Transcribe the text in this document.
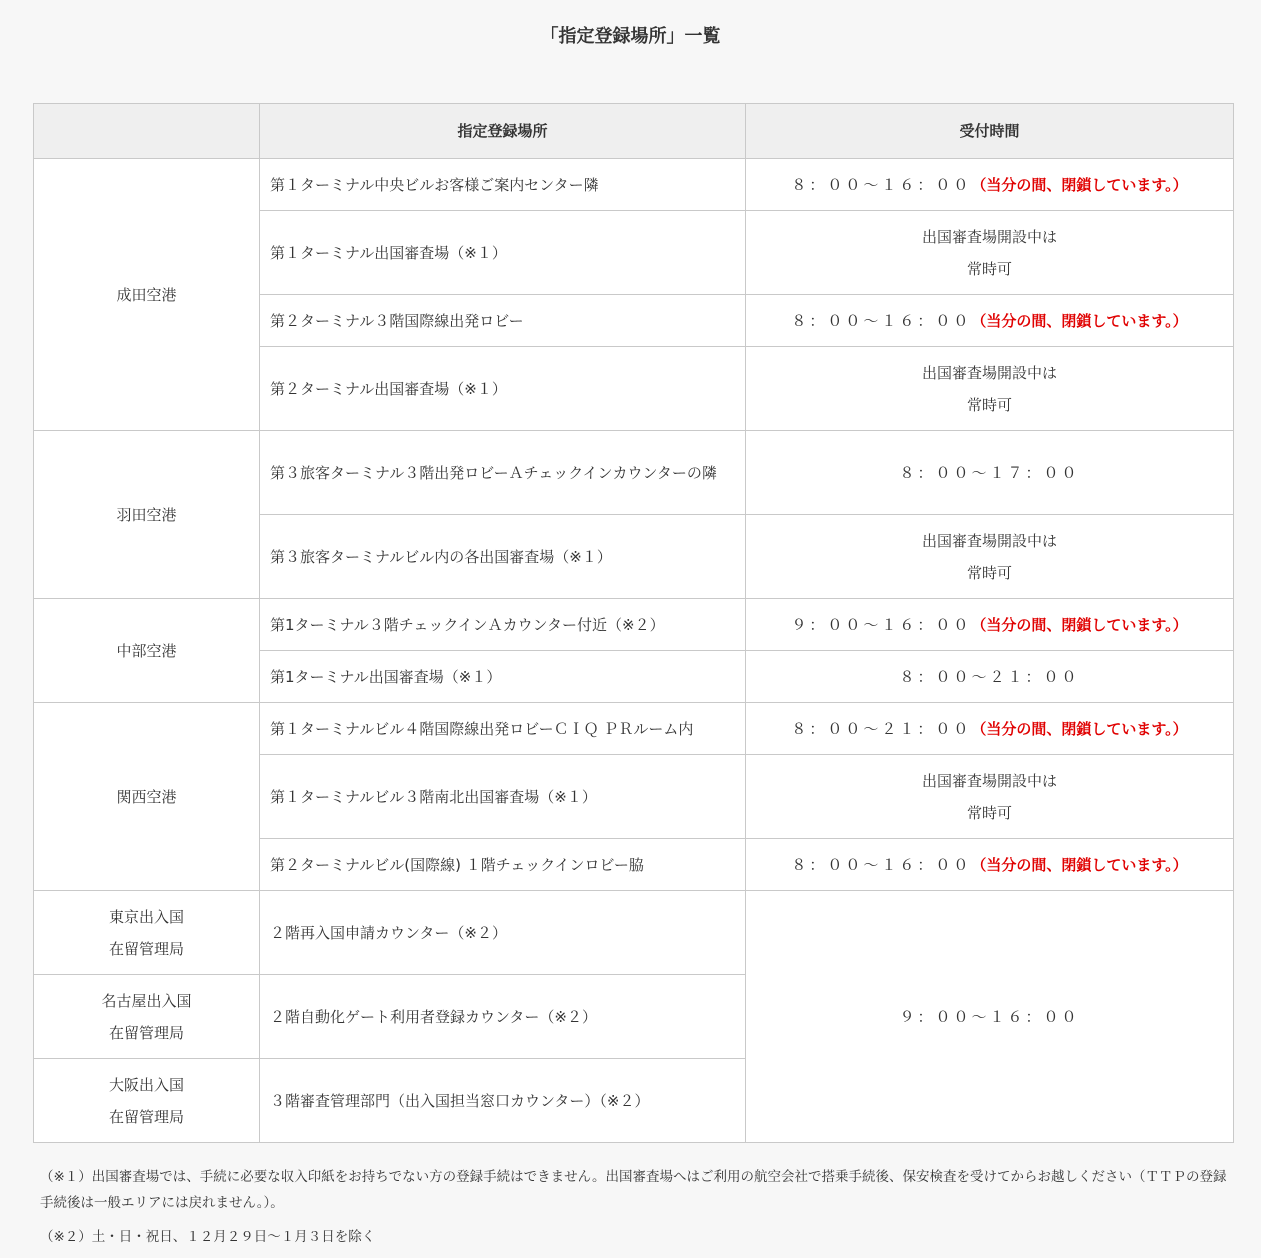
「指定登録場所」一覧
	指定登録場所	受付時間
成田空港	第１ターミナル中央ビルお客様ご案内センター隣	８：００～１６：００（当分の間、閉鎖しています。）
	第１ターミナル出国審査場（※１）	出国審査場開設中は
常時可

	第２ターミナル３階国際線出発ロビー	８：００～１６：００（当分の間、閉鎖しています。）
	第２ターミナル出国審査場（※１）	出国審査場開設中は
常時可

羽田空港	第３旅客ターミナル３階出発ロビーＡチェックインカウンターの隣	８：００～１７：００
	第３旅客ターミナルビル内の各出国審査場（※１）	出国審査場開設中は
常時可

中部空港	第1ターミナル３階チェックインＡカウンター付近（※２）	９：００～１６：００（当分の間、閉鎖しています。）
	第1ターミナル出国審査場（※１）	８：００～２１：００
関西空港	第１ターミナルビル４階国際線出発ロビーＣＩＱ ＰＲルーム内	８：００～２１：００（当分の間、閉鎖しています。）
	第１ターミナルビル３階南北出国審査場（※１）	出国審査場開設中は
常時可

	第２ターミナルビル(国際線) １階チェックインロビー脇	８：００～１６：００（当分の間、閉鎖しています。）

東京出入国
在留管理局	２階再入国申請カウンター（※２）	９：００～１６：００

名古屋出入国
在留管理局	２階自動化ゲート利用者登録カウンター（※２）	

大阪出入国
在留管理局	３階審査管理部門（出入国担当窓口カウンター）（※２）	

（※１）出国審査場では、手続に必要な収入印紙をお持ちでない方の登録手続はできません。出国審査場へはご利用の航空会社で搭乗手続後、保安検査を受けてからお越しください（ＴＴＰの登録手続後は一般エリアには戻れません。）。

（※２）土・日・祝日、１２月２９日～１月３日を除く
